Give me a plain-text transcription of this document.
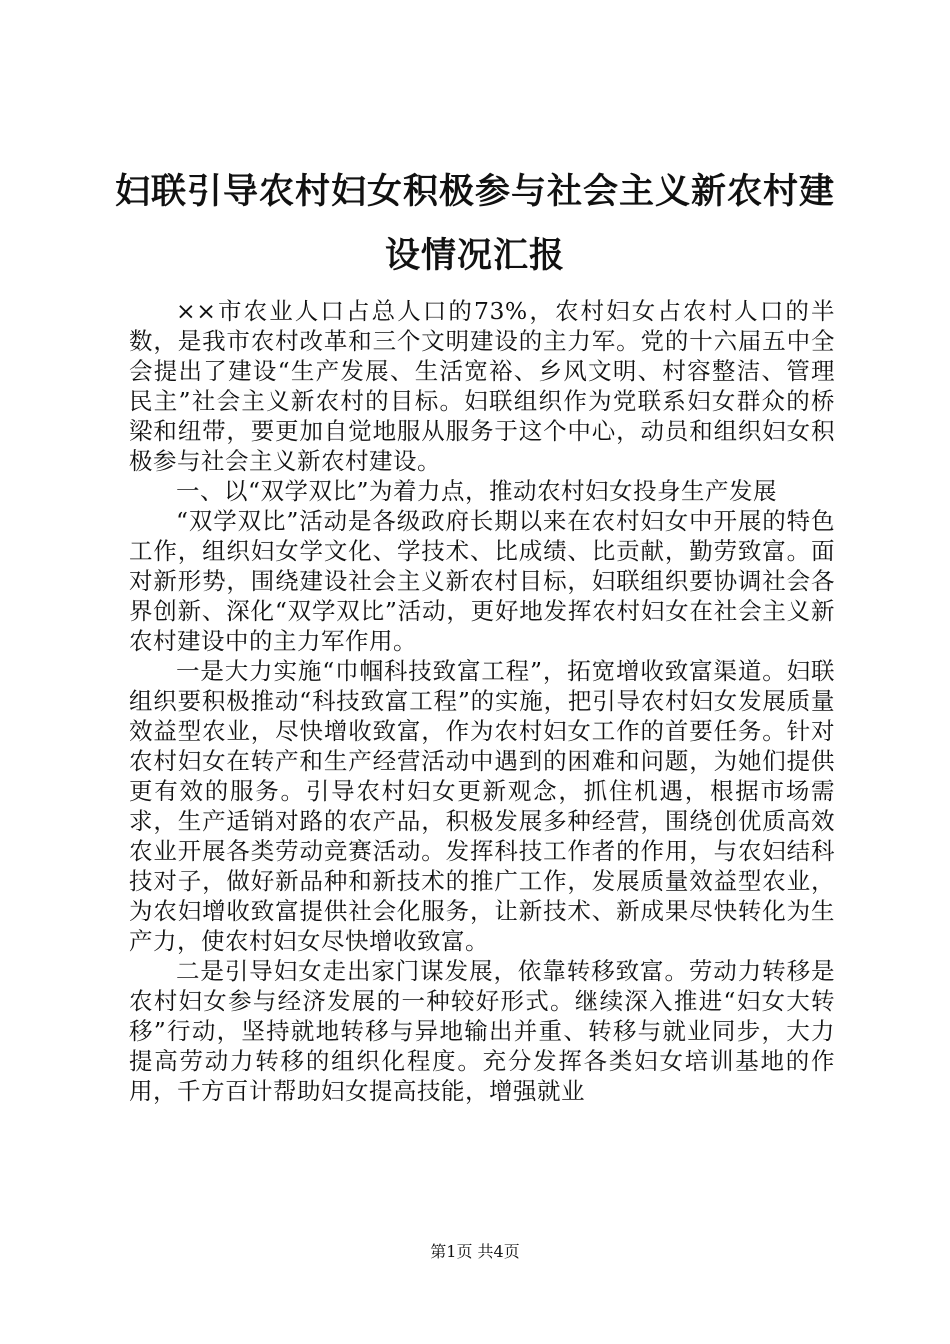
妇联引导农村妇女积极参与社会主义新农村建设情况汇报

××市农业人口占总人口的73%，农村妇女占农村人口的半数，是我市农村改革和三个文明建设的主力军。党的十六届五中全会提出了建设“生产发展、生活宽裕、乡风文明、村容整洁、管理民主”社会主义新农村的目标。妇联组织作为党联系妇女群众的桥梁和纽带，要更加自觉地服从服务于这个中心，动员和组织妇女积极参与社会主义新农村建设。

一、以“双学双比”为着力点，推动农村妇女投身生产发展

“双学双比”活动是各级政府长期以来在农村妇女中开展的特色工作，组织妇女学文化、学技术、比成绩、比贡献，勤劳致富。面对新形势，围绕建设社会主义新农村目标，妇联组织要协调社会各界创新、深化“双学双比”活动，更好地发挥农村妇女在社会主义新农村建设中的主力军作用。

一是大力实施“巾帼科技致富工程”，拓宽增收致富渠道。妇联组织要积极推动“科技致富工程”的实施，把引导农村妇女发展质量效益型农业，尽快增收致富，作为农村妇女工作的首要任务。针对农村妇女在转产和生产经营活动中遇到的困难和问题，为她们提供更有效的服务。引导农村妇女更新观念，抓住机遇，根据市场需求，生产适销对路的农产品，积极发展多种经营，围绕创优质高效农业开展各类劳动竞赛活动。发挥科技工作者的作用，与农妇结科技对子，做好新品种和新技术的推广工作，发展质量效益型农业，为农妇增收致富提供社会化服务，让新技术、新成果尽快转化为生产力，使农村妇女尽快增收致富。

二是引导妇女走出家门谋发展，依靠转移致富。劳动力转移是农村妇女参与经济发展的一种较好形式。继续深入推进“妇女大转移”行动，坚持就地转移与异地输出并重、转移与就业同步，大力提高劳动力转移的组织化程度。充分发挥各类妇女培训基地的作用，千方百计帮助妇女提高技能，增强就业

第1页 共4页
